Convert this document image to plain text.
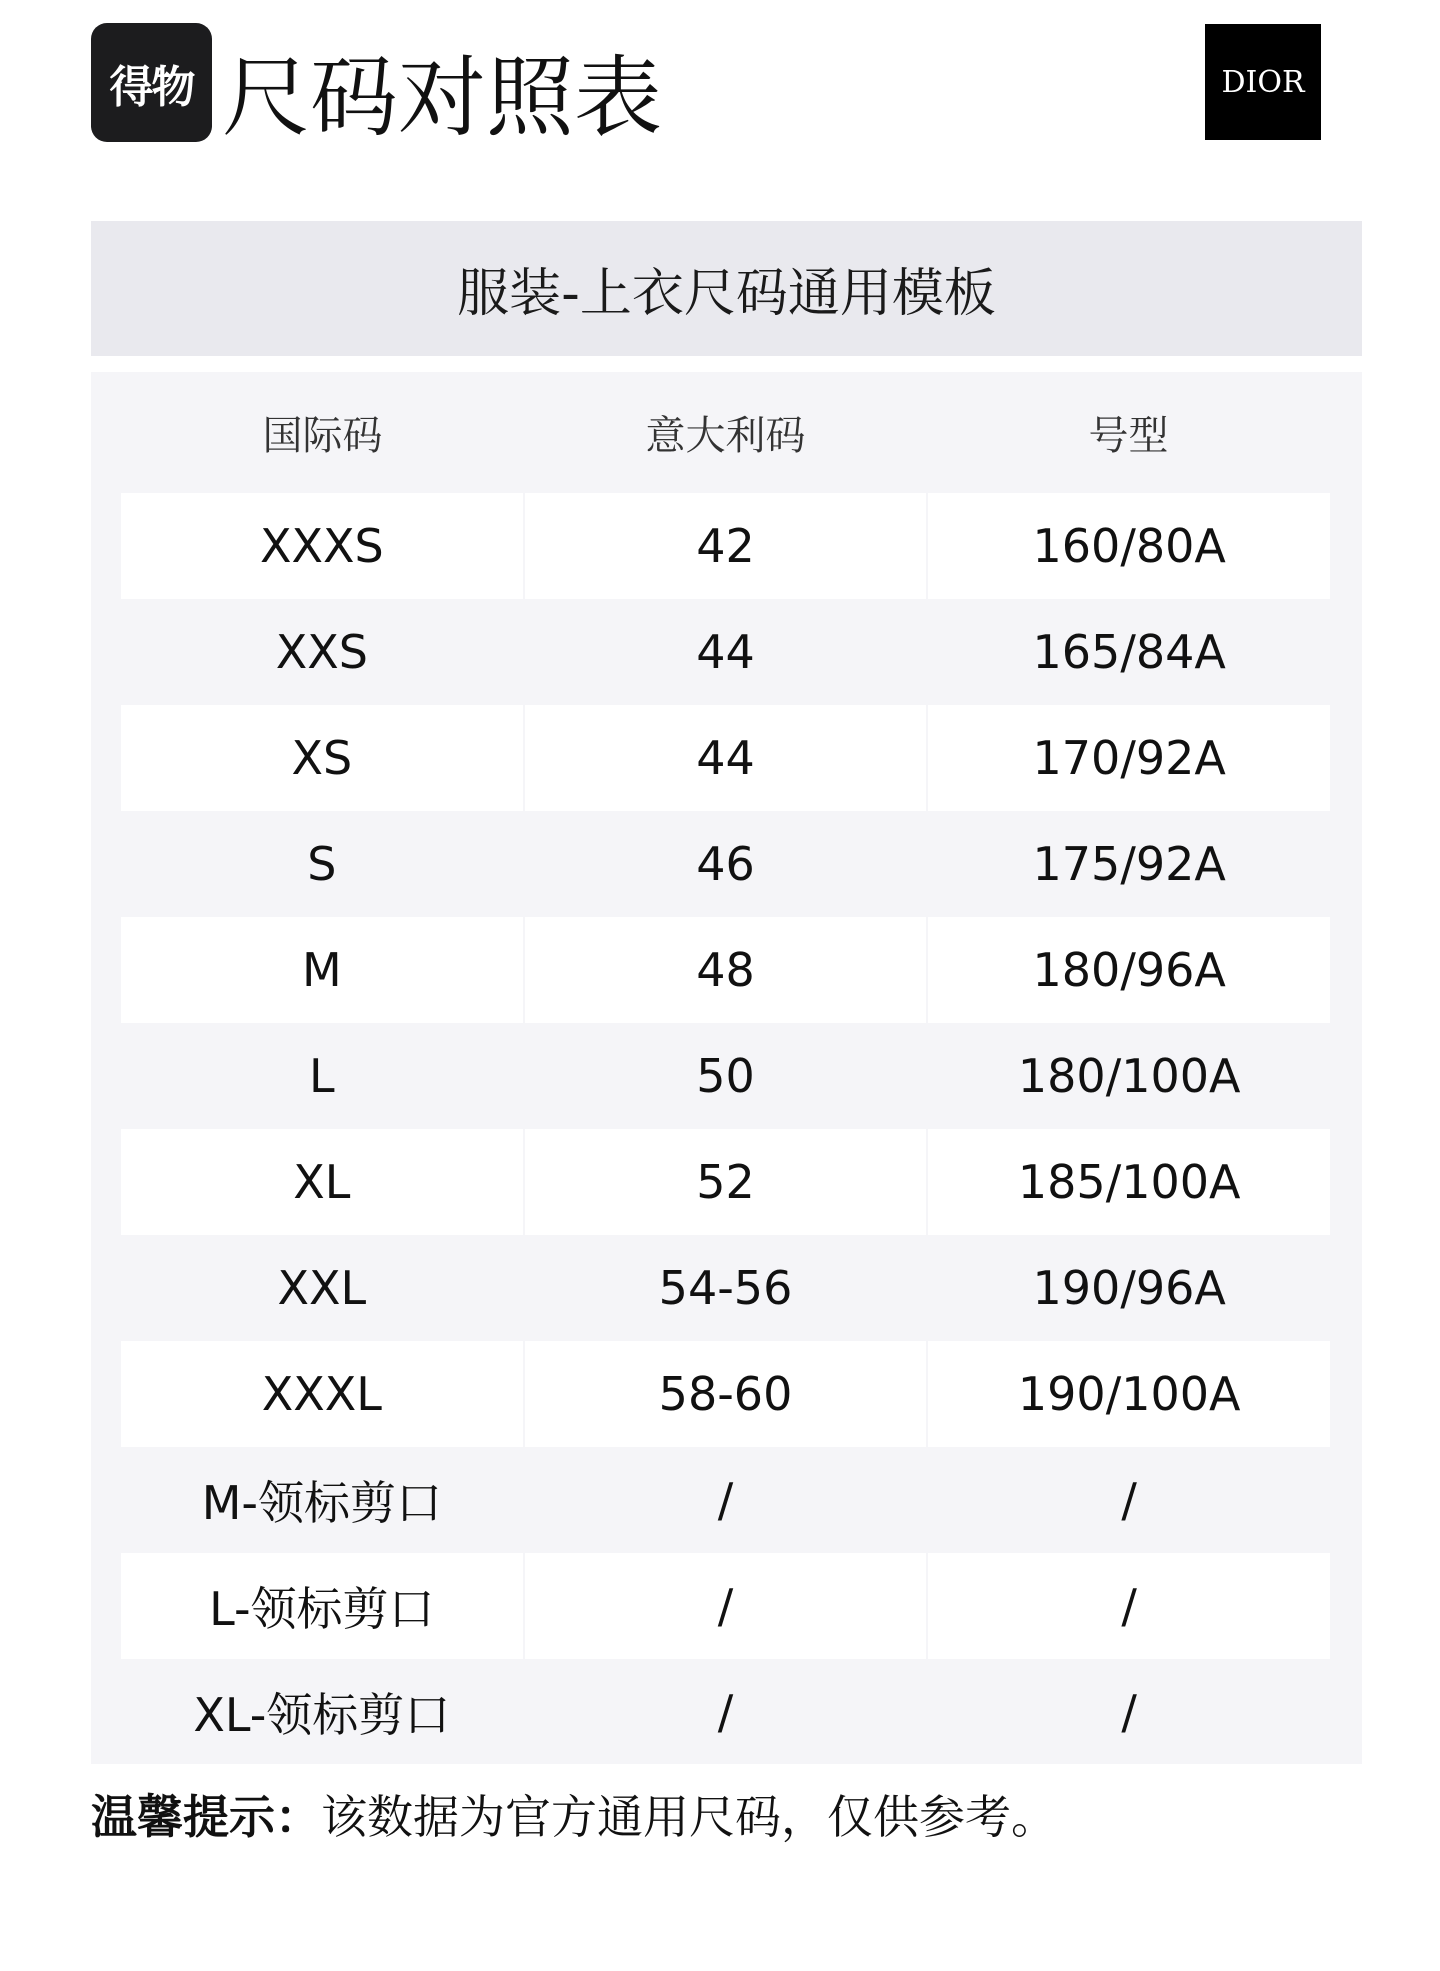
得物 尺码对照表	DIOR
服装-上衣尺码通用模板
国际码	意大利码	号型
XXXS	42	160/80A
XXS	44	165/84A
XS	44	170/92A
S	46	175/92A
M	48	180/96A
L	50	180/100A
XL	52	185/100A
XXL	54-56	190/96A
XXXL	58-60	190/100A
M-领标剪口	/	/
L-领标剪口	/	/
XL-领标剪口	/	/
温馨提示：该数据为官方通用尺码，仅供参考。
